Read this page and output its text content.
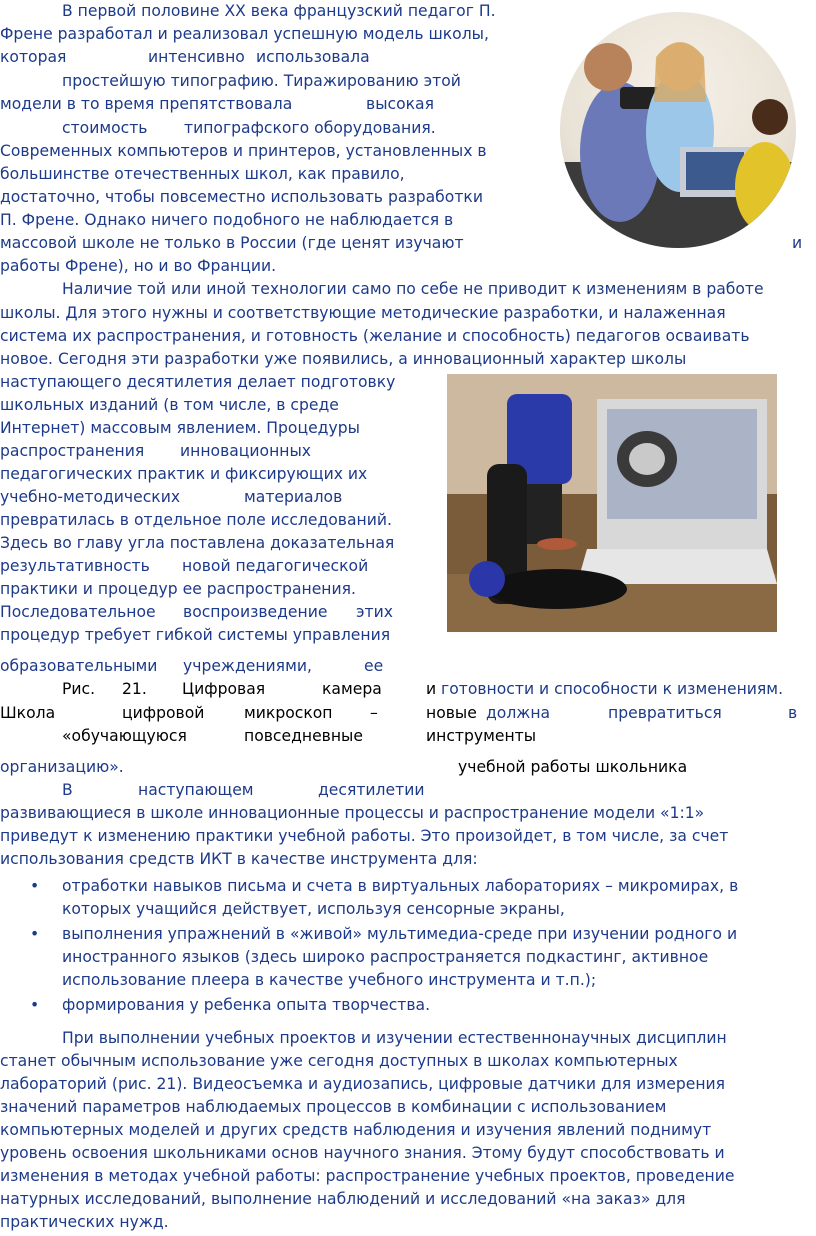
В первой половине XX века французский педагог П.
Френе разработал и реализовал успешную модель школы,
которая	интенсивно использовала
простейшую типографию. Тиражированию этой
модели в то время препятствовала	высокая
стоимость типографского оборудования.
Современных компьютеров и принтеров, установленных в
большинстве отечественных школ, как правило,
достаточно, чтобы повсеместно использовать разработки
П. Френе. Однако ничего подобного не наблюдается в
массовой школе не только в России (где ценят изучают	и
работы Френе), но и во Франции.
Наличие той или иной технологии само по себе не приводит к изменениям в работе
школы. Для этого нужны и соответствующие методические разработки, и налаженная
система их распространения, и готовность (желание и способность) педагогов осваивать
новое. Сегодня эти разработки уже появились, а инновационный характер школы
наступающего десятилетия делает подготовку
школьных изданий (в том числе, в среде
Интернет) массовым явлением. Процедуры
распространения инновационных
педагогических практик и фиксирующих их
учебно-методических	материалов
превратилась в отдельное поле исследований.
Здесь во главу угла поставлена доказательная
результативность новой педагогической
практики и процедур ее распространения.
Последовательное воспроизведение этих
процедур требует гибкой системы управления
образовательными учреждениями,	ее
Рис. 21. Цифровая	камера
Школа	цифровой	микроскоп –
«обучающуюся	повседневные	инструменты
и готовности и способности к изменениям.
новые должна	превратиться	в
организацию».	учебной работы школьника
В	наступающем	десятилетии
развивающиеся в школе инновационные процессы и распространение модели «1:1»
приведут к изменению практики учебной работы. Это произойдет, в том числе, за счет
использования средств ИКТ в качестве инструмента для:
• отработки навыков письма и счета в виртуальных лабораториях – микромирах, в
которых учащийся действует, используя сенсорные экраны,
• выполнения упражнений в «живой» мультимедиа-среде при изучении родного и
иностранного языков (здесь широко распространяется подкастинг, активное
использование плеера в качестве учебного инструмента и т.п.);
• формирования у ребенка опыта творчества.
При выполнении учебных проектов и изучении естественнонаучных дисциплин
станет обычным использование уже сегодня доступных в школах компьютерных
лабораторий (рис. 21). Видеосъемка и аудиозапись, цифровые датчики для измерения
значений параметров наблюдаемых процессов в комбинации с использованием
компьютерных моделей и других средств наблюдения и изучения явлений поднимут
уровень освоения школьниками основ научного знания. Этому будут способствовать и
изменения в методах учебной работы: распространение учебных проектов, проведение
натурных исследований, выполнение наблюдений и исследований «на заказ» для
практических нужд.
